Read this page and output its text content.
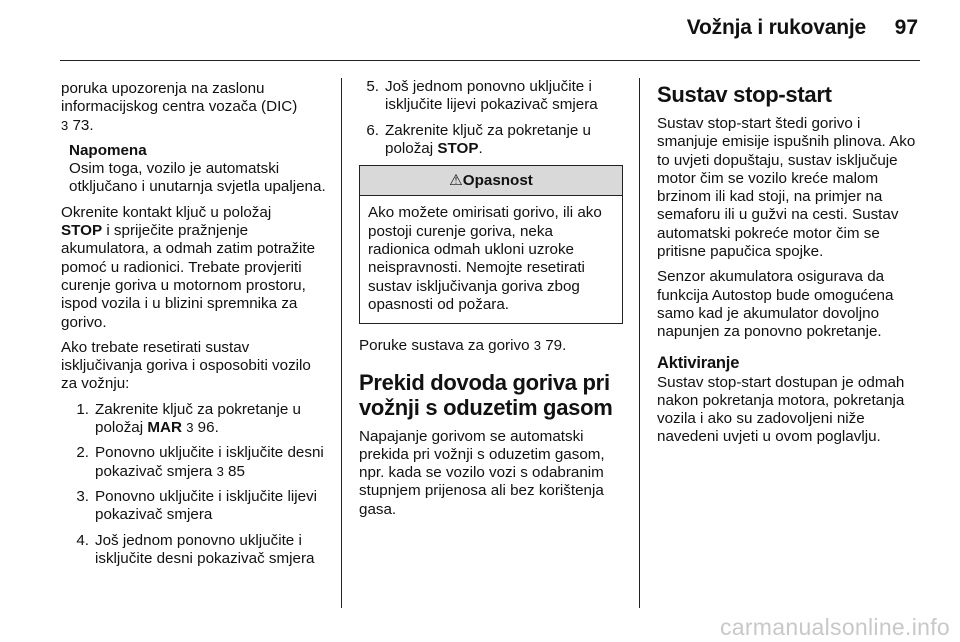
Vožnja i rukovanje	97

poruka upozorenja na zaslonu informacijskog centra vozača (DIC)
3 73.

Napomena
Osim toga, vozilo je automatski otključano i unutarnja svjetla upaljena.

Okrenite kontakt ključ u položaj
STOP i spriječite pražnjenje akumulatora, a odmah zatim potražite pomoć u radionici. Trebate provjeriti curenje goriva u motornom prostoru, ispod vozila i u blizini spremnika za gorivo.

Ako trebate resetirati sustav isključivanja goriva i osposobiti vozilo za vožnju:

1. Zakrenite ključ za pokretanje u položaj MAR 3 96.
2. Ponovno uključite i isključite desni pokazivač smjera 3 85
3. Ponovno uključite i isključite lijevi pokazivač smjera
4. Još jednom ponovno uključite i isključite desni pokazivač smjera
5. Još jednom ponovno uključite i isključite lijevi pokazivač smjera
6. Zakrenite ključ za pokretanje u položaj STOP.
⚠Opasnost
Ako možete omirisati gorivo, ili ako postoji curenje goriva, neka radionica odmah ukloni uzroke neispravnosti. Nemojte resetirati sustav isključivanja goriva zbog opasnosti od požara.

Poruke sustava za gorivo 3 79.

Prekid dovoda goriva pri vožnji s oduzetim gasom

Napajanje gorivom se automatski prekida pri vožnji s oduzetim gasom, npr. kada se vozilo vozi s odabranim stupnjem prijenosa ali bez korištenja gasa.

Sustav stop-start

Sustav stop-start štedi gorivo i smanjuje emisije ispušnih plinova. Ako to uvjeti dopuštaju, sustav isključuje motor čim se vozilo kreće malom brzinom ili kad stoji, na primjer na semaforu ili u gužvi na cesti. Sustav automatski pokreće motor čim se pritisne papučica spojke.

Senzor akumulatora osigurava da funkcija Autostop bude omogućena samo kad je akumulator dovoljno napunjen za ponovno pokretanje.

Aktiviranje

Sustav stop-start dostupan je odmah nakon pokretanja motora, pokretanja vozila i ako su zadovoljeni niže navedeni uvjeti u ovom poglavlju.

carmanualsonline.info
